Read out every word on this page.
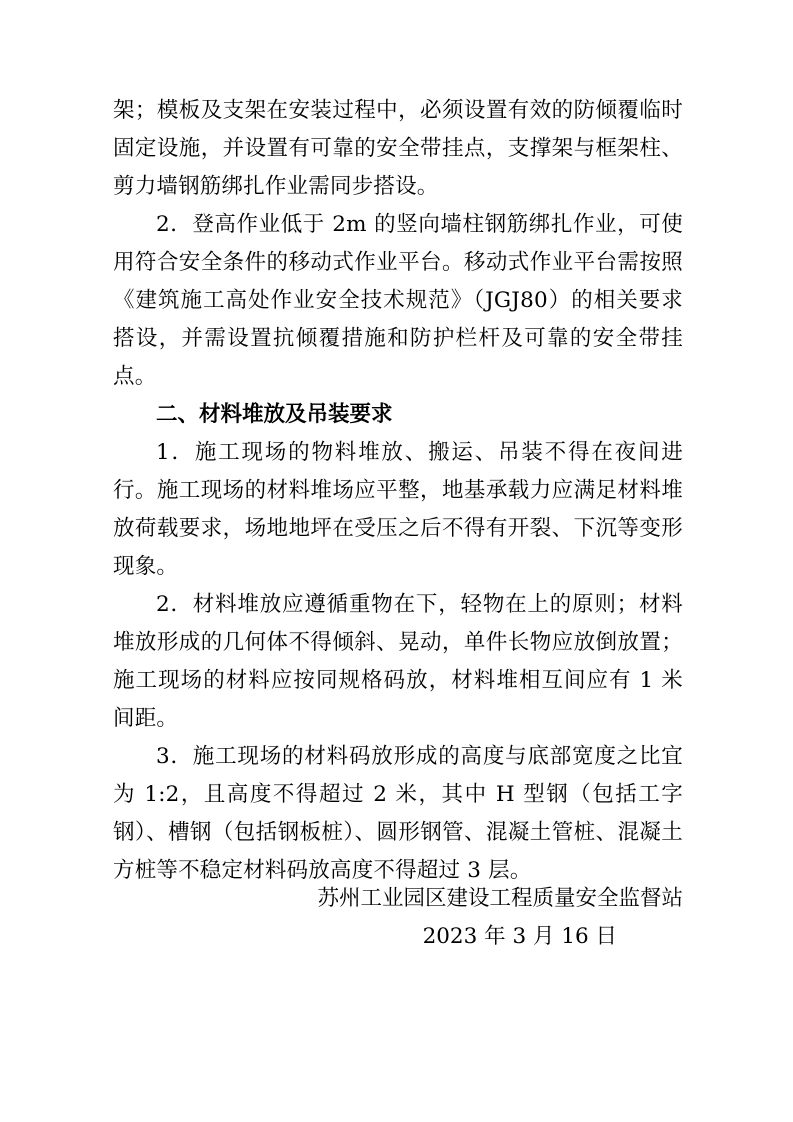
架；模板及支架在安装过程中，必须设置有效的防倾覆临时固定设施，并设置有可靠的安全带挂点，支撑架与框架柱、剪力墙钢筋绑扎作业需同步搭设。

2．登高作业低于 2m 的竖向墙柱钢筋绑扎作业，可使用符合安全条件的移动式作业平台。移动式作业平台需按照《建筑施工高处作业安全技术规范》（JGJ80）的相关要求搭设，并需设置抗倾覆措施和防护栏杆及可靠的安全带挂点。

二、材料堆放及吊装要求

1．施工现场的物料堆放、搬运、吊装不得在夜间进行。施工现场的材料堆场应平整，地基承载力应满足材料堆放荷载要求，场地地坪在受压之后不得有开裂、下沉等变形现象。

2．材料堆放应遵循重物在下，轻物在上的原则；材料堆放形成的几何体不得倾斜、晃动，单件长物应放倒放置；施工现场的材料应按同规格码放，材料堆相互间应有 1 米间距。

3．施工现场的材料码放形成的高度与底部宽度之比宜为 1:2，且高度不得超过 2 米，其中 H 型钢（包括工字钢）、槽钢（包括钢板桩）、圆形钢管、混凝土管桩、混凝土方桩等不稳定材料码放高度不得超过 3 层。

苏州工业园区建设工程质量安全监督站
2023 年 3 月 16 日
